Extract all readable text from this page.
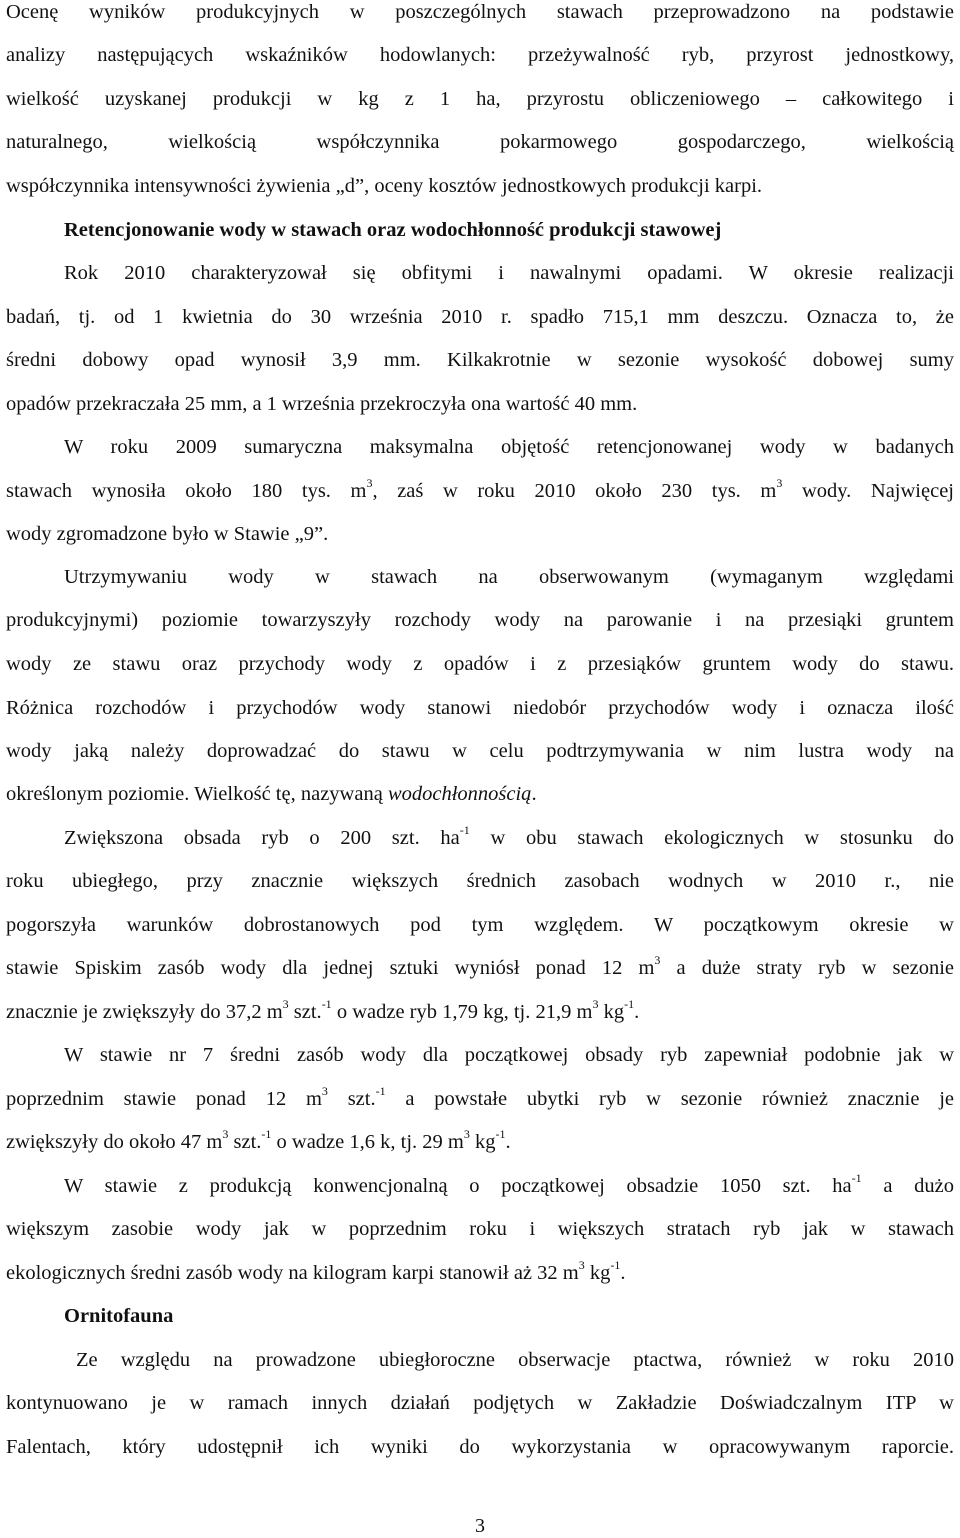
Ocenę wyników produkcyjnych w poszczególnych stawach przeprowadzono na podstawie
analizy następujących wskaźników hodowlanych: przeżywalność ryb, przyrost jednostkowy,
wielkość uzyskanej produkcji w kg z 1 ha, przyrostu obliczeniowego – całkowitego i
naturalnego, wielkością współczynnika pokarmowego gospodarczego, wielkością
współczynnika intensywności żywienia „d”, oceny kosztów jednostkowych produkcji karpi.
Retencjonowanie wody w stawach oraz wodochłonność produkcji stawowej
Rok 2010 charakteryzował się obfitymi i nawalnymi opadami. W okresie realizacji
badań, tj. od 1 kwietnia do 30 września 2010 r. spadło 715,1 mm deszczu. Oznacza to, że
średni dobowy opad wynosił 3,9 mm. Kilkakrotnie w sezonie wysokość dobowej sumy
opadów przekraczała 25 mm, a 1 września przekroczyła ona wartość 40 mm.
W roku 2009 sumaryczna maksymalna objętość retencjonowanej wody w badanych
stawach wynosiła około 180 tys. $m^3$, zaś w roku 2010 około 230 tys. $m^3$ wody. Najwięcej
wody zgromadzone było w Stawie „9”.
Utrzymywaniu wody w stawach na obserwowanym (wymaganym względami
produkcyjnymi) poziomie towarzyszyły rozchody wody na parowanie i na przesiąki gruntem
wody ze stawu oraz przychody wody z opadów i z przesiąków gruntem wody do stawu.
Różnica rozchodów i przychodów wody stanowi niedobór przychodów wody i oznacza ilość
wody jaką należy doprowadzać do stawu w celu podtrzymywania w nim lustra wody na
określonym poziomie. Wielkość tę, nazywaną wodochłonnością.
Zwiększona obsada ryb o 200 szt. $ha^{-1}$ w obu stawach ekologicznych w stosunku do
roku ubiegłego, przy znacznie większych średnich zasobach wodnych w 2010 r., nie
pogorszyła warunków dobrostanowych pod tym względem. W początkowym okresie w
stawie Spiskim zasób wody dla jednej sztuki wyniósł ponad 12 $m^3$ a duże straty ryb w sezonie
znacznie je zwiększyły do 37,2 $m^3$ szt.$^{-1}$ o wadze ryb 1,79 kg, tj. 21,9 $m^3$ $kg^{-1}$.
W stawie nr 7 średni zasób wody dla początkowej obsady ryb zapewniał podobnie jak w
poprzednim stawie ponad 12 $m^3$ szt.$^{-1}$ a powstałe ubytki ryb w sezonie również znacznie je
zwiększyły do około 47 $m^3$ szt.$^{-1}$ o wadze 1,6 k, tj. 29 $m^3$ $kg^{-1}$.
W stawie z produkcją konwencjonalną o początkowej obsadzie 1050 szt. $ha^{-1}$ a dużo
większym zasobie wody jak w poprzednim roku i większych stratach ryb jak w stawach
ekologicznych średni zasób wody na kilogram karpi stanowił aż 32 $m^3$ $kg^{-1}$.
Ornitofauna
Ze względu na prowadzone ubiegłoroczne obserwacje ptactwa, również w roku 2010
kontynuowano je w ramach innych działań podjętych w Zakładzie Doświadczalnym ITP w
Falentach, który udostępnił ich wyniki do wykorzystania w opracowywanym raporcie.
3
